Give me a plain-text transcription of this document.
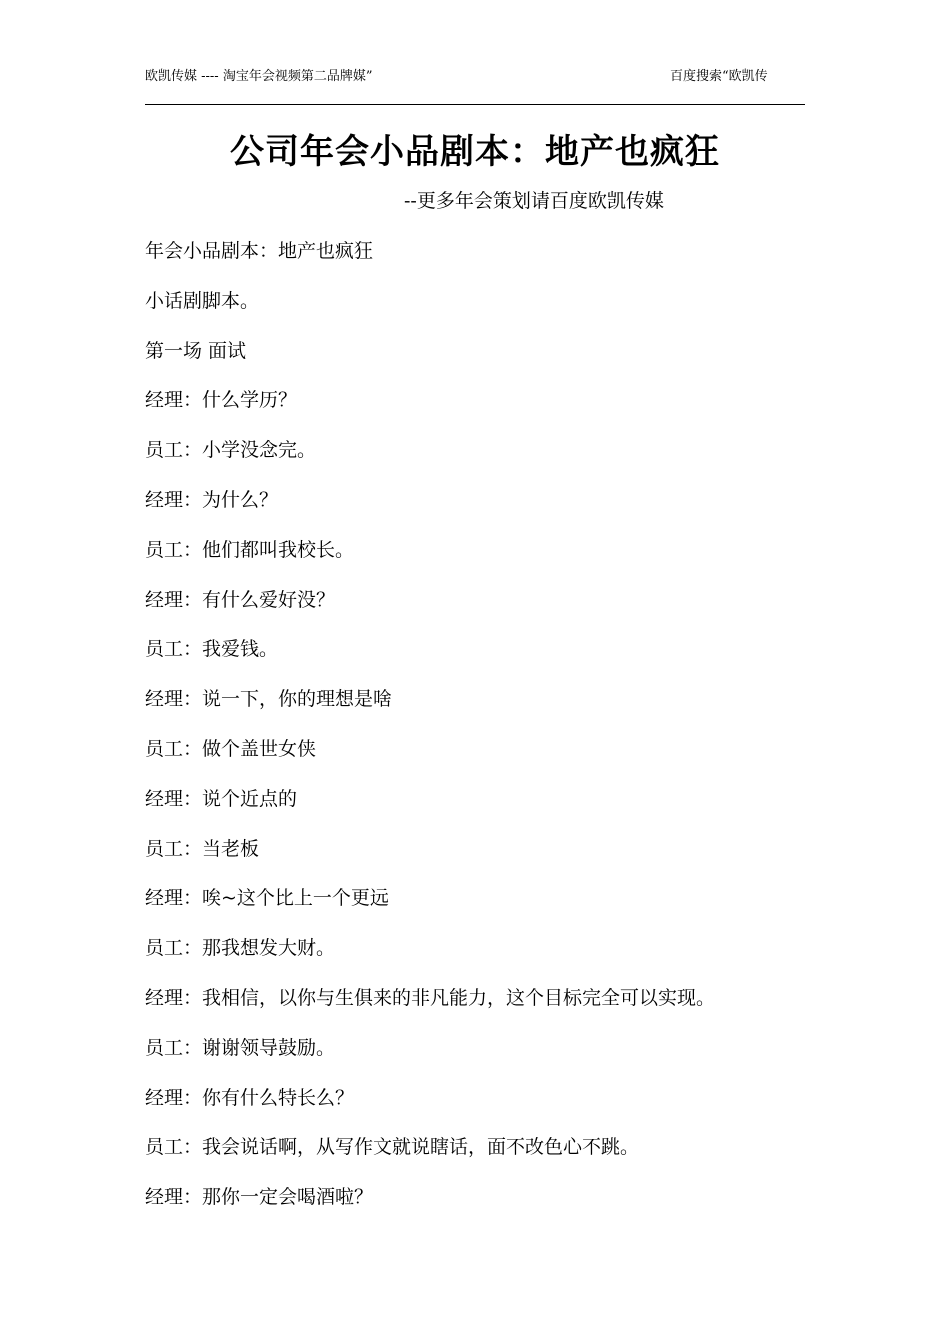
欧凯传媒 ---- 淘宝年会视频第二品牌媒”	百度搜索“欧凯传
公司年会小品剧本：地产也疯狂
--更多年会策划请百度欧凯传媒
年会小品剧本：地产也疯狂
小话剧脚本。
第一场 面试
经理：什么学历？
员工：小学没念完。
经理：为什么？
员工：他们都叫我校长。
经理：有什么爱好没？
员工：我爱钱。
经理：说一下，你的理想是啥
员工：做个盖世女侠
经理：说个近点的
员工：当老板
经理：唉~这个比上一个更远
员工：那我想发大财。
经理：我相信，以你与生俱来的非凡能力，这个目标完全可以实现。
员工：谢谢领导鼓励。
经理：你有什么特长么？
员工：我会说话啊，从写作文就说瞎话，面不改色心不跳。
经理：那你一定会喝酒啦？
